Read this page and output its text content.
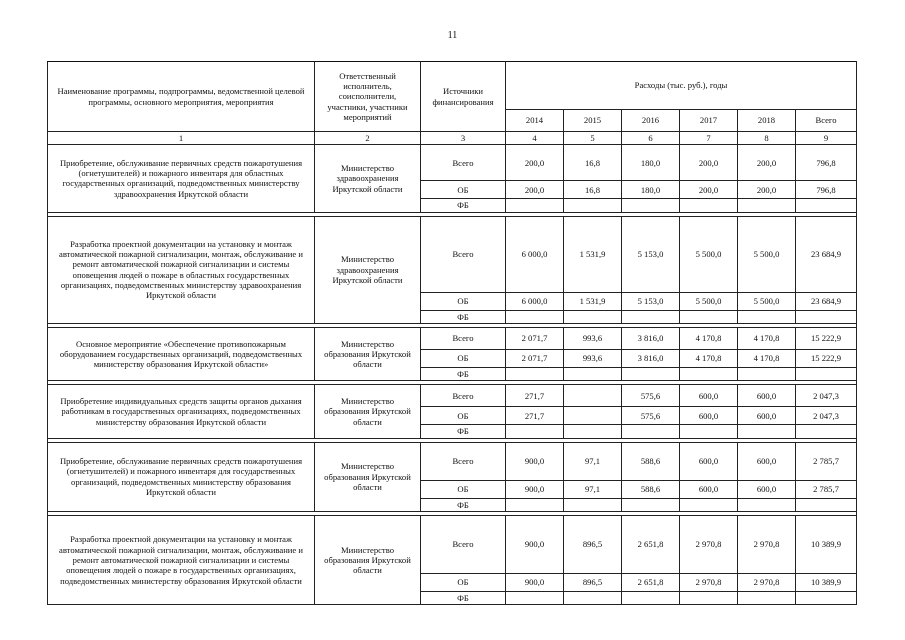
11
Наименование программы, подпрограммы, ведомственной целевой программы, основного мероприятия, мероприятия	Ответственный исполнитель, соисполнители, участники, участники мероприятий	Источники финансирования	Расходы (тыс. руб.), годы					
			2014	2015	2016	2017	2018	Всего
1	2	3	4	5	6	7	8	9
Приобретение, обслуживание первичных средств пожаротушения (огнетушителей) и пожарного инвентаря для областных государственных организаций, подведомственных министерству здравоохранения Иркутской области	Министерство здравоохранения Иркутской области	Всего	200,0	16,8	180,0	200,0	200,0	796,8
		ОБ	200,0	16,8	180,0	200,0	200,0	796,8
		ФБ						

Разработка проектной документации на установку и монтаж автоматической пожарной сигнализации, монтаж, обслуживание и ремонт автоматической пожарной сигнализации и системы оповещения людей о пожаре в областных государственных организациях, подведомственных министерству здравоохранения Иркутской области	Министерство здравоохранения Иркутской области	Всего	6 000,0	1 531,9	5 153,0	5 500,0	5 500,0	23 684,9
		ОБ	6 000,0	1 531,9	5 153,0	5 500,0	5 500,0	23 684,9
		ФБ						

Основное мероприятие «Обеспечение противопожарным оборудованием государственных организаций, подведомственных министерству образования Иркутской области»	Министерство образования Иркутской области	Всего	2 071,7	993,6	3 816,0	4 170,8	4 170,8	15 222,9
		ОБ	2 071,7	993,6	3 816,0	4 170,8	4 170,8	15 222,9
		ФБ						

Приобретение индивидуальных средств защиты органов дыхания работникам в государственных организациях, подведомственных министерству образования Иркутской области	Министерство образования Иркутской области	Всего	271,7		575,6	600,0	600,0	2 047,3
		ОБ	271,7		575,6	600,0	600,0	2 047,3
		ФБ						

Приобретение, обслуживание первичных средств пожаротушения (огнетушителей) и пожарного инвентаря для государственных организаций, подведомственных министерству образования Иркутской области	Министерство образования Иркутской области	Всего	900,0	97,1	588,6	600,0	600,0	2 785,7
		ОБ	900,0	97,1	588,6	600,0	600,0	2 785,7
		ФБ						

Разработка проектной документации на установку и монтаж автоматической пожарной сигнализации, монтаж, обслуживание и ремонт автоматической пожарной сигнализации и системы оповещения людей о пожаре в государственных организациях, подведомственных министерству образования Иркутской области	Министерство образования Иркутской области	Всего	900,0	896,5	2 651,8	2 970,8	2 970,8	10 389,9
		ОБ	900,0	896,5	2 651,8	2 970,8	2 970,8	10 389,9
		ФБ						
